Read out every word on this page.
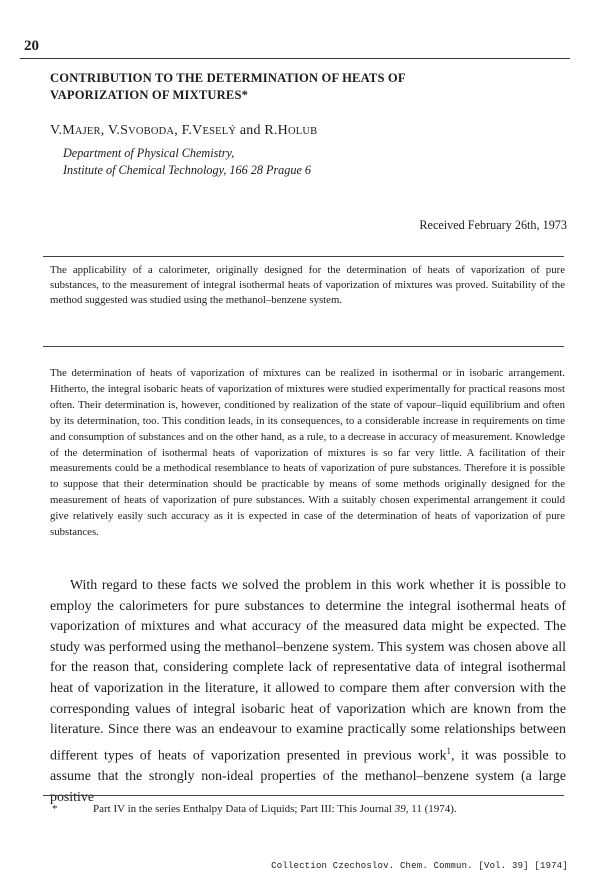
20
CONTRIBUTION TO THE DETERMINATION OF HEATS OF VAPORIZATION OF MIXTURES*
V.MAJER, V.SVOBODA, F.VESELÝ and R.HOLUB
Department of Physical Chemistry,
Institute of Chemical Technology, 166 28 Prague 6
Received February 26th, 1973

The applicability of a calorimeter, originally designed for the determination of heats of vaporization of pure substances, to the measurement of integral isothermal heats of vaporization of mixtures was proved. Suitability of the method suggested was studied using the methanol–benzene system.

The determination of heats of vaporization of mixtures can be realized in isothermal or in isobaric arrangement. Hitherto, the integral isobaric heats of vaporization of mixtures were studied experimentally for practical reasons most often. Their determination is, however, conditioned by realization of the state of vapour–liquid equilibrium and often by its determination, too. This condition leads, in its consequences, to a considerable increase in requirements on time and consumption of substances and on the other hand, as a rule, to a decrease in accuracy of measurement. Knowledge of the determination of isothermal heats of vaporization of mixtures is so far very little. A facilitation of their measurements could be a methodical resemblance to heats of vaporization of pure substances. Therefore it is possible to suppose that their determination should be practicable by means of some methods originally designed for the measurement of heats of vaporization of pure substances. With a suitably chosen experimental arrangement it could give relatively easily such accuracy as it is expected in case of the determination of heats of vaporization of pure substances.

With regard to these facts we solved the problem in this work whether it is possible to employ the calorimeters for pure substances to determine the integral isothermal heats of vaporization of mixtures and what accuracy of the measured data might be expected. The study was performed using the methanol–benzene system. This system was chosen above all for the reason that, considering complete lack of representative data of integral isothermal heat of vaporization in the literature, it allowed to compare them after conversion with the corresponding values of integral isobaric heat of vaporization which are known from the literature. Since there was an endeavour to examine practically some relationships between different types of heats of vaporization presented in previous work$^1$, it was possible to assume that the strongly non-ideal properties of the methanol–benzene system (a large positive

*	Part IV in the series Enthalpy Data of Liquids; Part III: This Journal 39, 11 (1974).
Collection Czechoslov. Chem. Commun. [Vol. 39] [1974]
